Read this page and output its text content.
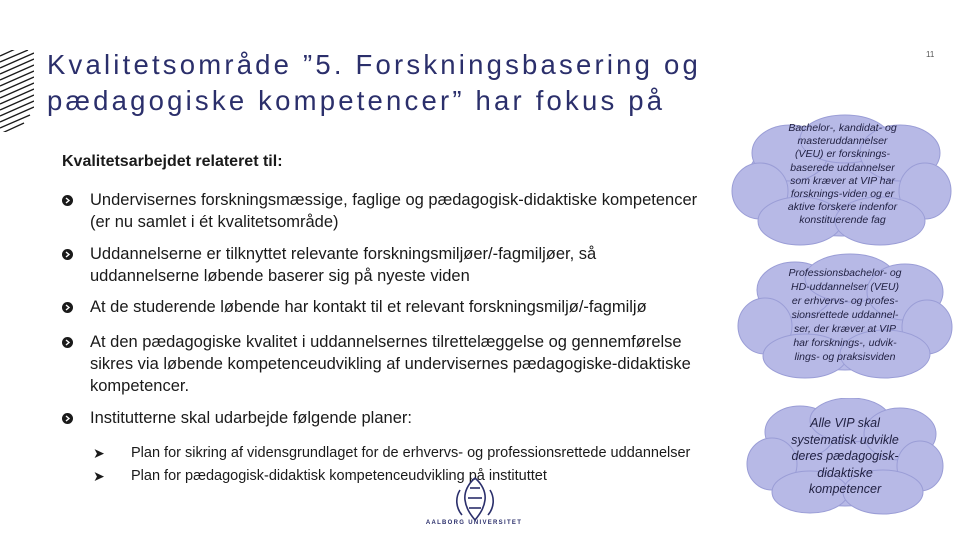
Kvalitetsområde ”5. Forskningsbasering og
pædagogiske kompetencer” har fokus på
11
Kvalitetsarbejdet relateret til:
Undervisernes forskningsmæssige, faglige og pædagogisk-didaktiske kompetencer
(er nu samlet i ét kvalitetsområde)
Uddannelserne er tilknyttet relevante forskningsmiljøer/-fagmiljøer, så
uddannelserne løbende baserer sig på nyeste viden
At de studerende løbende har kontakt til et relevant forskningsmiljø/-fagmiljø
At den pædagogiske kvalitet i uddannelsernes tilrettelæggelse og gennemførelse
sikres via løbende kompetenceudvikling af undervisernes pædagogiske-didaktiske
kompetencer.
Institutterne skal udarbejde følgende planer:
➤ Plan for sikring af vidensgrundlaget for de erhvervs- og professionsrettede uddannelser
➤ Plan for pædagogisk-didaktisk kompetenceudvikling på instituttet
Bachelor-, kandidat- og
masteruddannelser
(VEU) er forsknings-
baserede uddannelser
som kræver at VIP har
forsknings-viden og er
aktive forskere indenfor
konstituerende fag
Professionsbachelor- og
HD-uddannelser (VEU)
er erhvervs- og profes-
sionsrettede uddannel-
ser, der kræver at VIP
har forsknings-, udvik-
lings- og praksisviden
Alle VIP skal
systematisk udvikle
deres pædagogisk-
didaktiske
kompetencer
AALBORG UNIVERSITET
